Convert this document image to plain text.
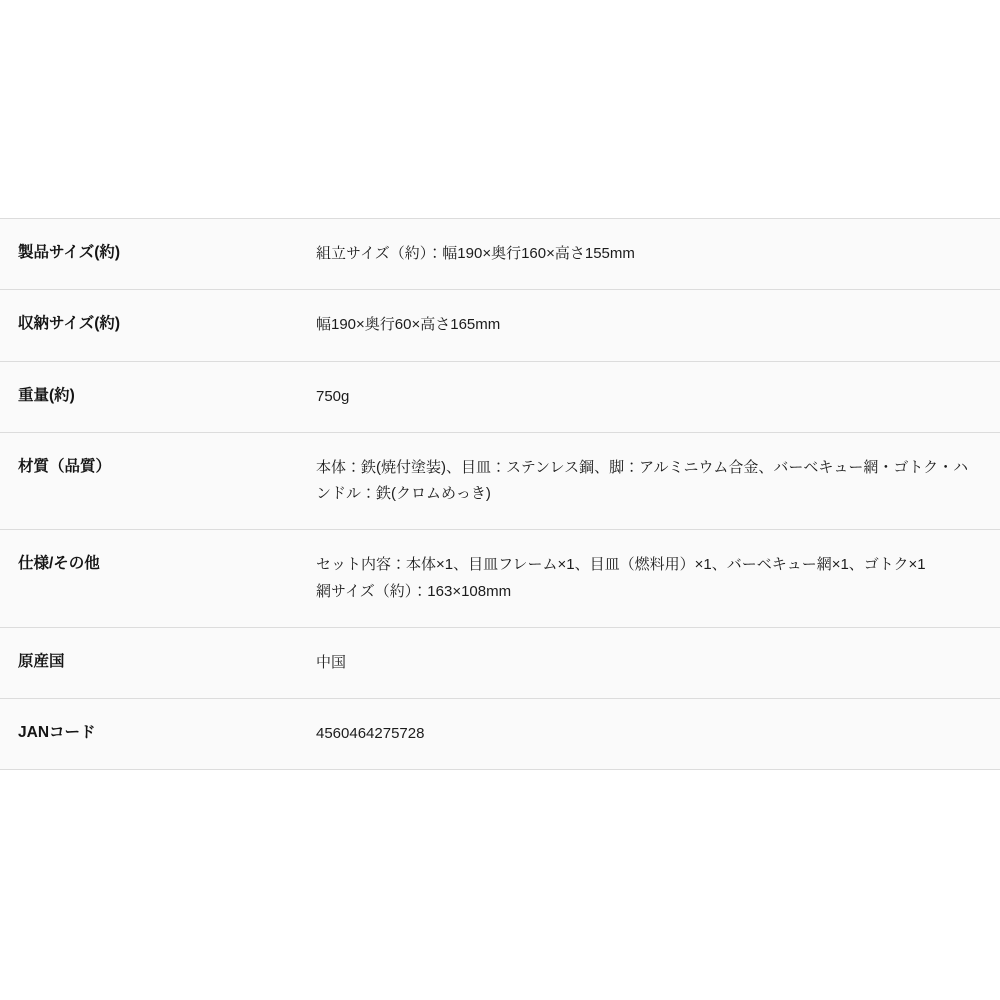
製品サイズ(約)	組立サイズ（約）：幅190×奥行160×高さ155mm

収納サイズ(約)	幅190×奥行60×高さ165mm

重量(約)	750g

材質（品質）	本体：鉄(焼付塗装)、目皿：ステンレス鋼、脚：アルミニウム合金、バーベキュー網・ゴトク・ハンドル：鉄(クロムめっき)

仕様/その他	セット内容：本体×1、目皿フレーム×1、目皿（燃料用）×1、バーベキュー網×1、ゴトク×1
網サイズ（約）：163×108mm

原産国	中国

JANコード	4560464275728
